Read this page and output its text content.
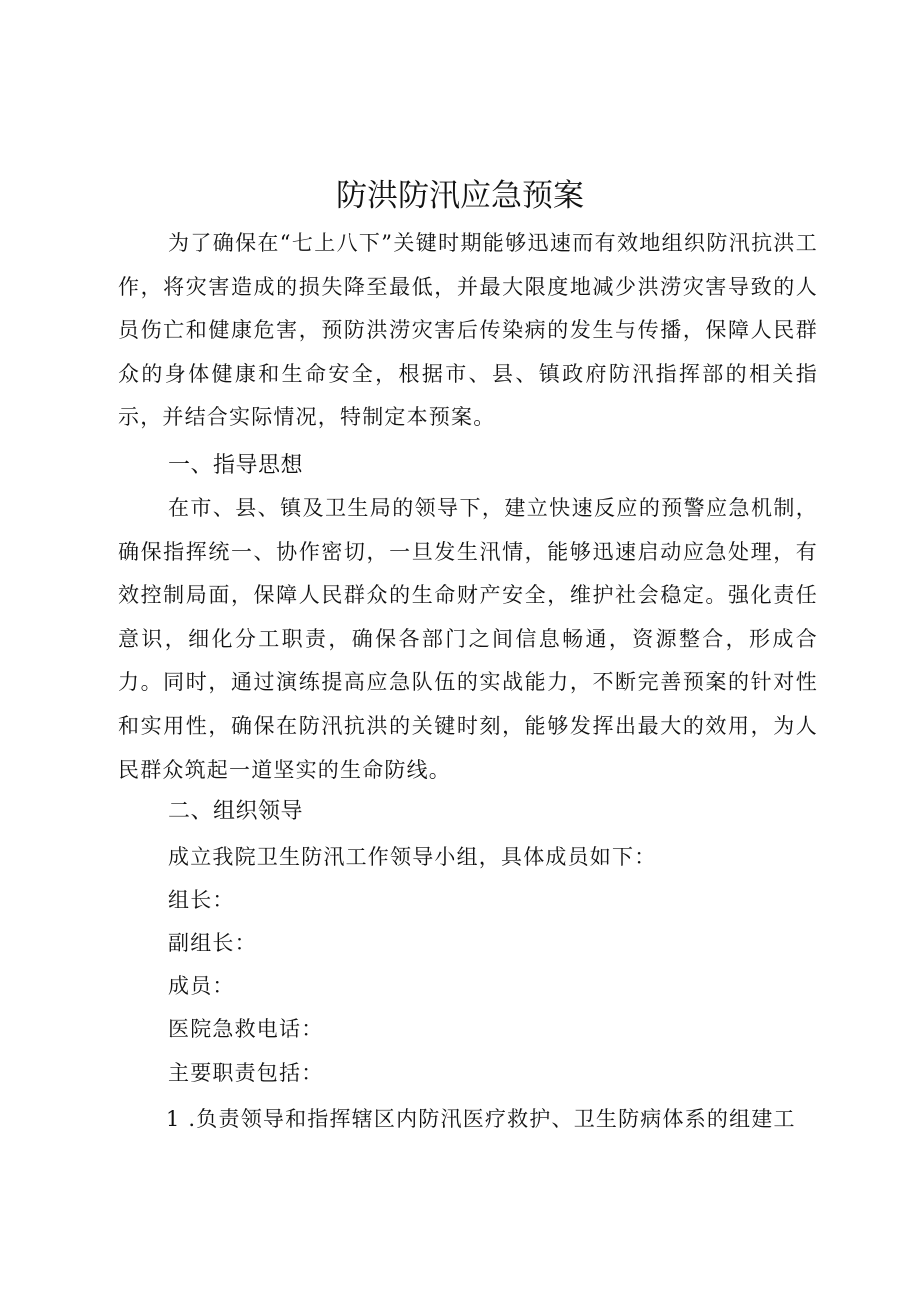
防洪防汛应急预案

为了确保在“七上八下”关键时期能够迅速而有效地组织防汛抗洪工作，将灾害造成的损失降至最低，并最大限度地减少洪涝灾害导致的人员伤亡和健康危害，预防洪涝灾害后传染病的发生与传播，保障人民群众的身体健康和生命安全，根据市、县、镇政府防汛指挥部的相关指示，并结合实际情况，特制定本预案。

一、指导思想

在市、县、镇及卫生局的领导下，建立快速反应的预警应急机制，确保指挥统一、协作密切，一旦发生汛情，能够迅速启动应急处理，有效控制局面，保障人民群众的生命财产安全，维护社会稳定。强化责任意识，细化分工职责，确保各部门之间信息畅通，资源整合，形成合力。同时，通过演练提高应急队伍的实战能力，不断完善预案的针对性和实用性，确保在防汛抗洪的关键时刻，能够发挥出最大的效用，为人民群众筑起一道坚实的生命防线。

二、组织领导

成立我院卫生防汛工作领导小组，具体成员如下：

组长：

副组长：

成员：

医院急救电话：

主要职责包括：

1 .负责领导和指挥辖区内防汛医疗救护、卫生防病体系的组建工
